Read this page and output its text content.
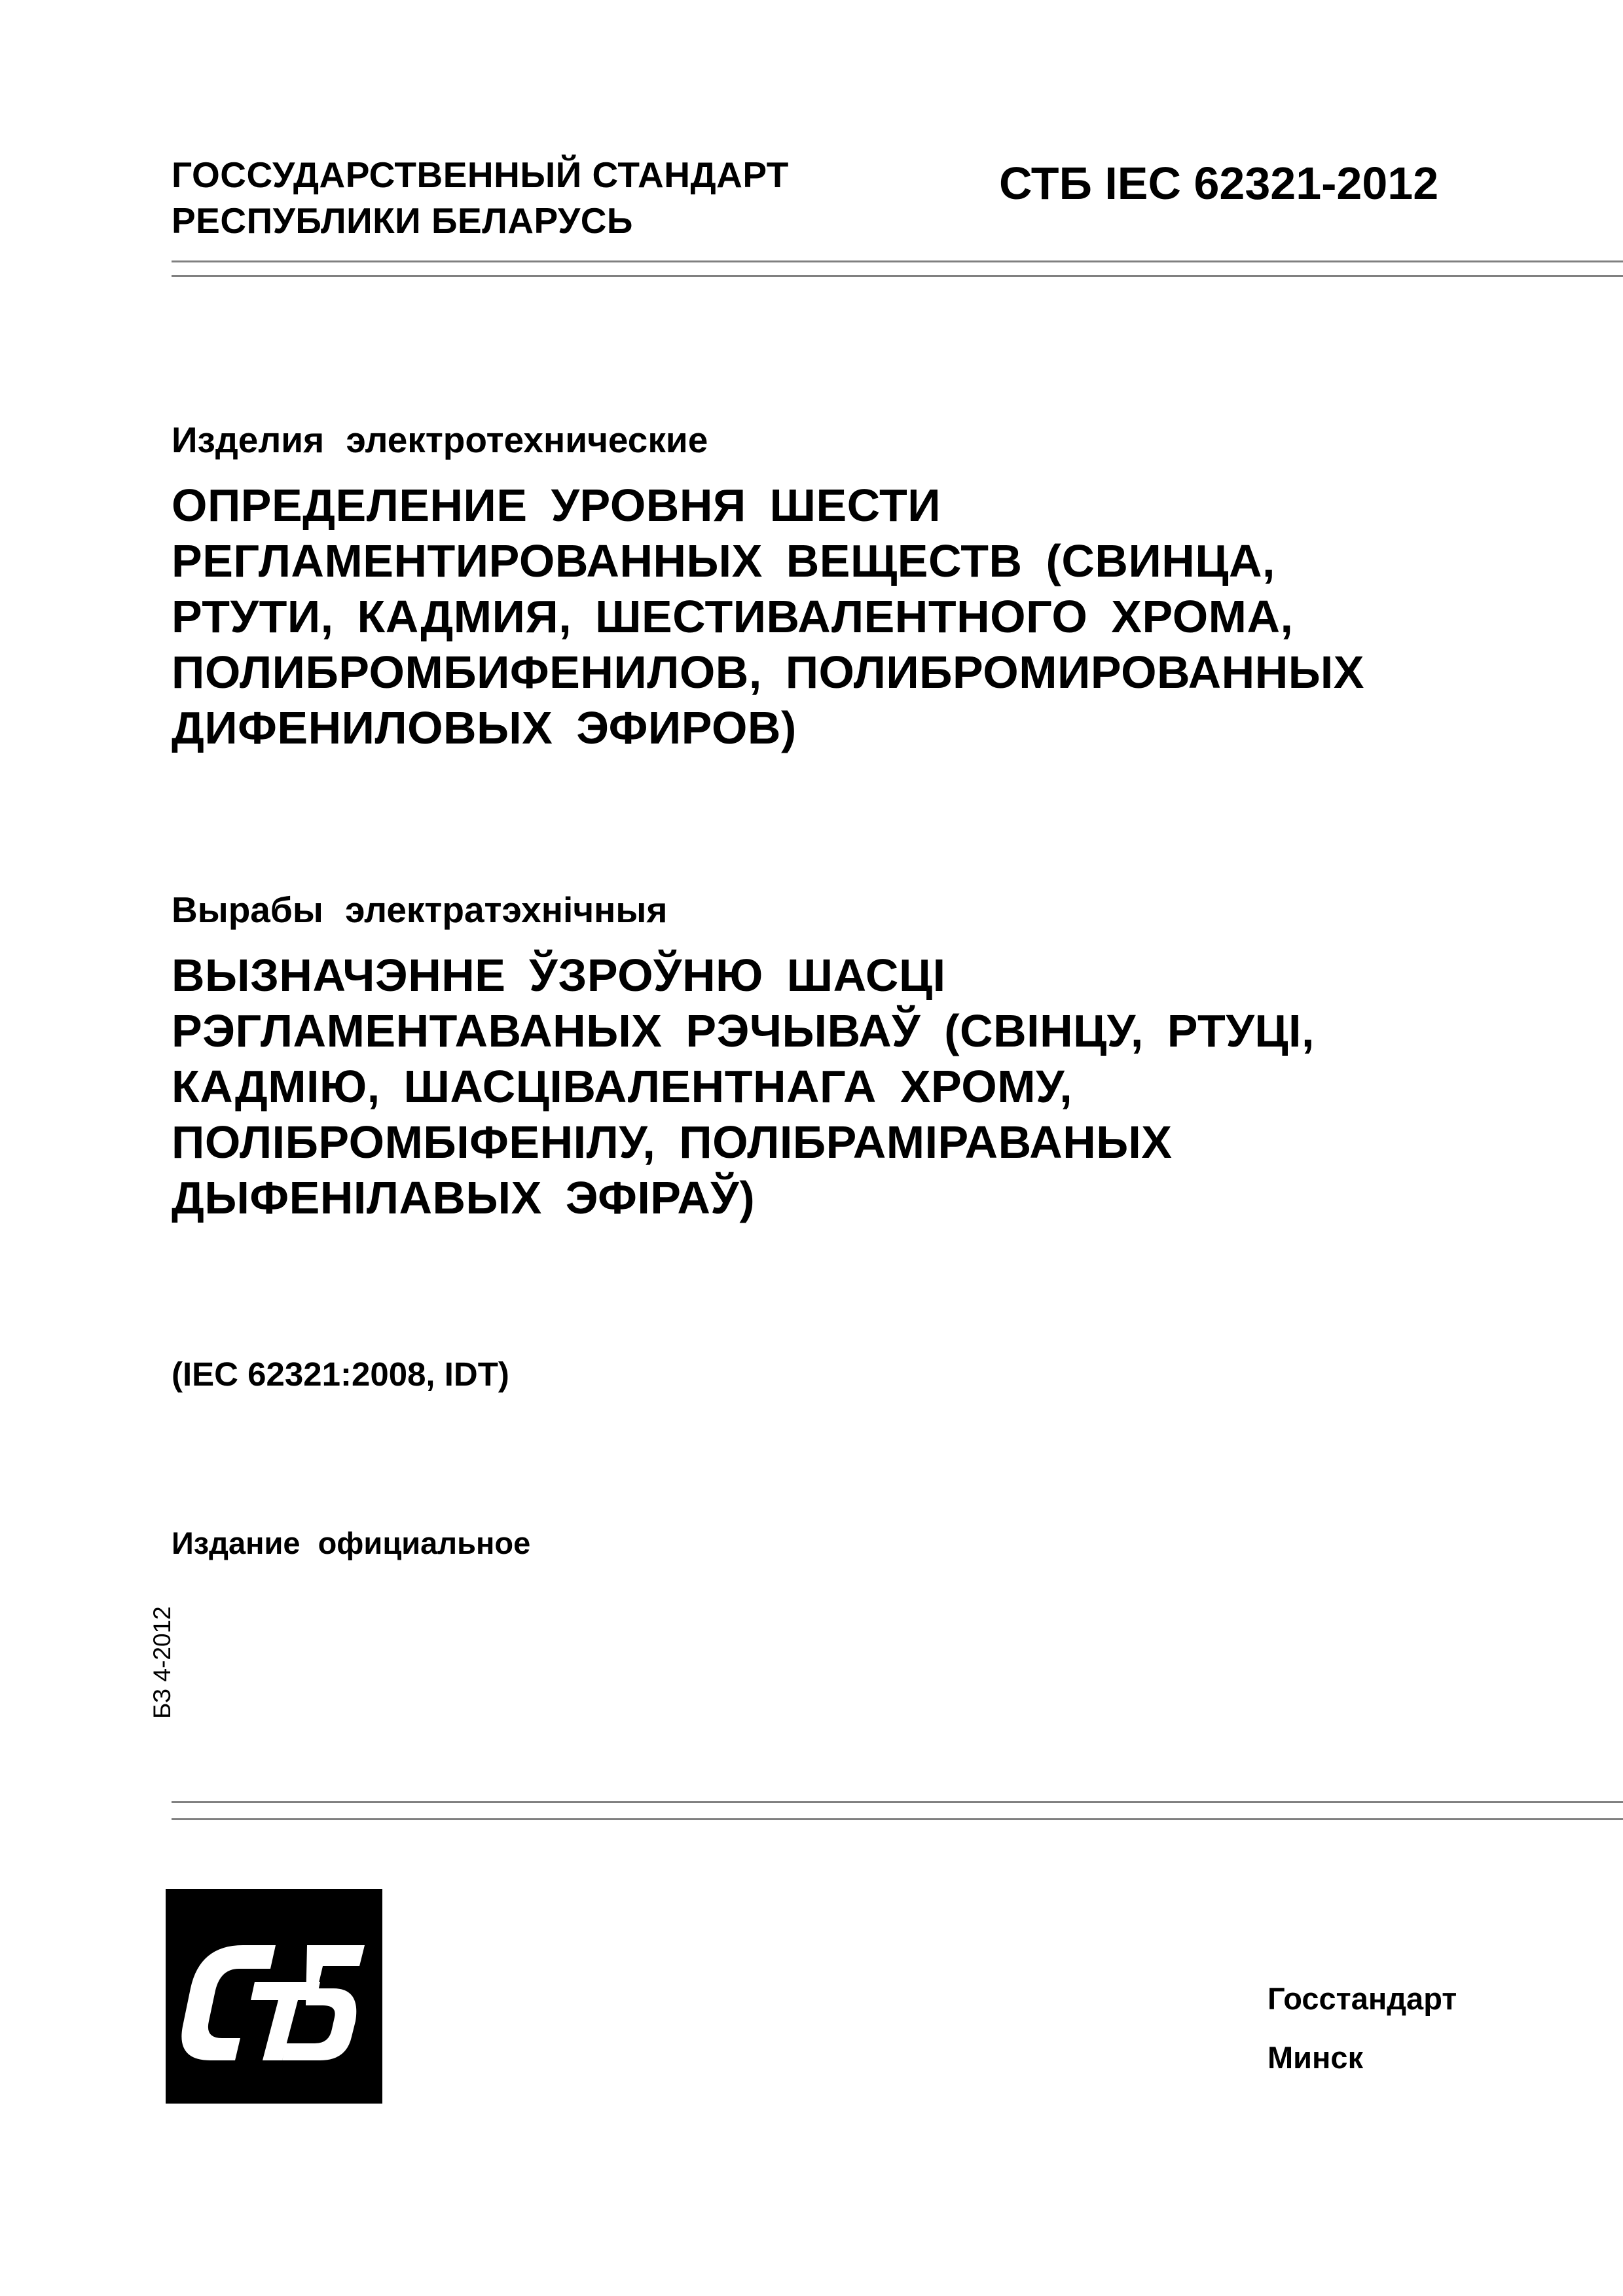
ГОССУДАРСТВЕННЫЙ СТАНДАРТ
РЕСПУБЛИКИ БЕЛАРУСЬ
СТБ IEC 62321-2012
Изделия электротехнические
ОПРЕДЕЛЕНИЕ УРОВНЯ ШЕСТИ
РЕГЛАМЕНТИРОВАННЫХ ВЕЩЕСТВ (СВИНЦА,
РТУТИ, КАДМИЯ, ШЕСТИВАЛЕНТНОГО ХРОМА,
ПОЛИБРОМБИФЕНИЛОВ, ПОЛИБРОМИРОВАННЫХ
ДИФЕНИЛОВЫХ ЭФИРОВ)
Вырабы электратэхнічныя
ВЫЗНАЧЭННЕ ЎЗРОЎНЮ ШАСЦІ
РЭГЛАМЕНТАВАНЫХ РЭЧЫВАЎ (СВІНЦУ, РТУЦІ,
КАДМІЮ, ШАСЦІВАЛЕНТНАГА ХРОМУ,
ПОЛІБРОМБІФЕНІЛУ, ПОЛІБРАМІРАВАНЫХ
ДЫФЕНІЛАВЫХ ЭФІРАЎ)
(IEC 62321:2008, IDT)
Издание официальное
БЗ 4-2012
Госстандарт
Минск
